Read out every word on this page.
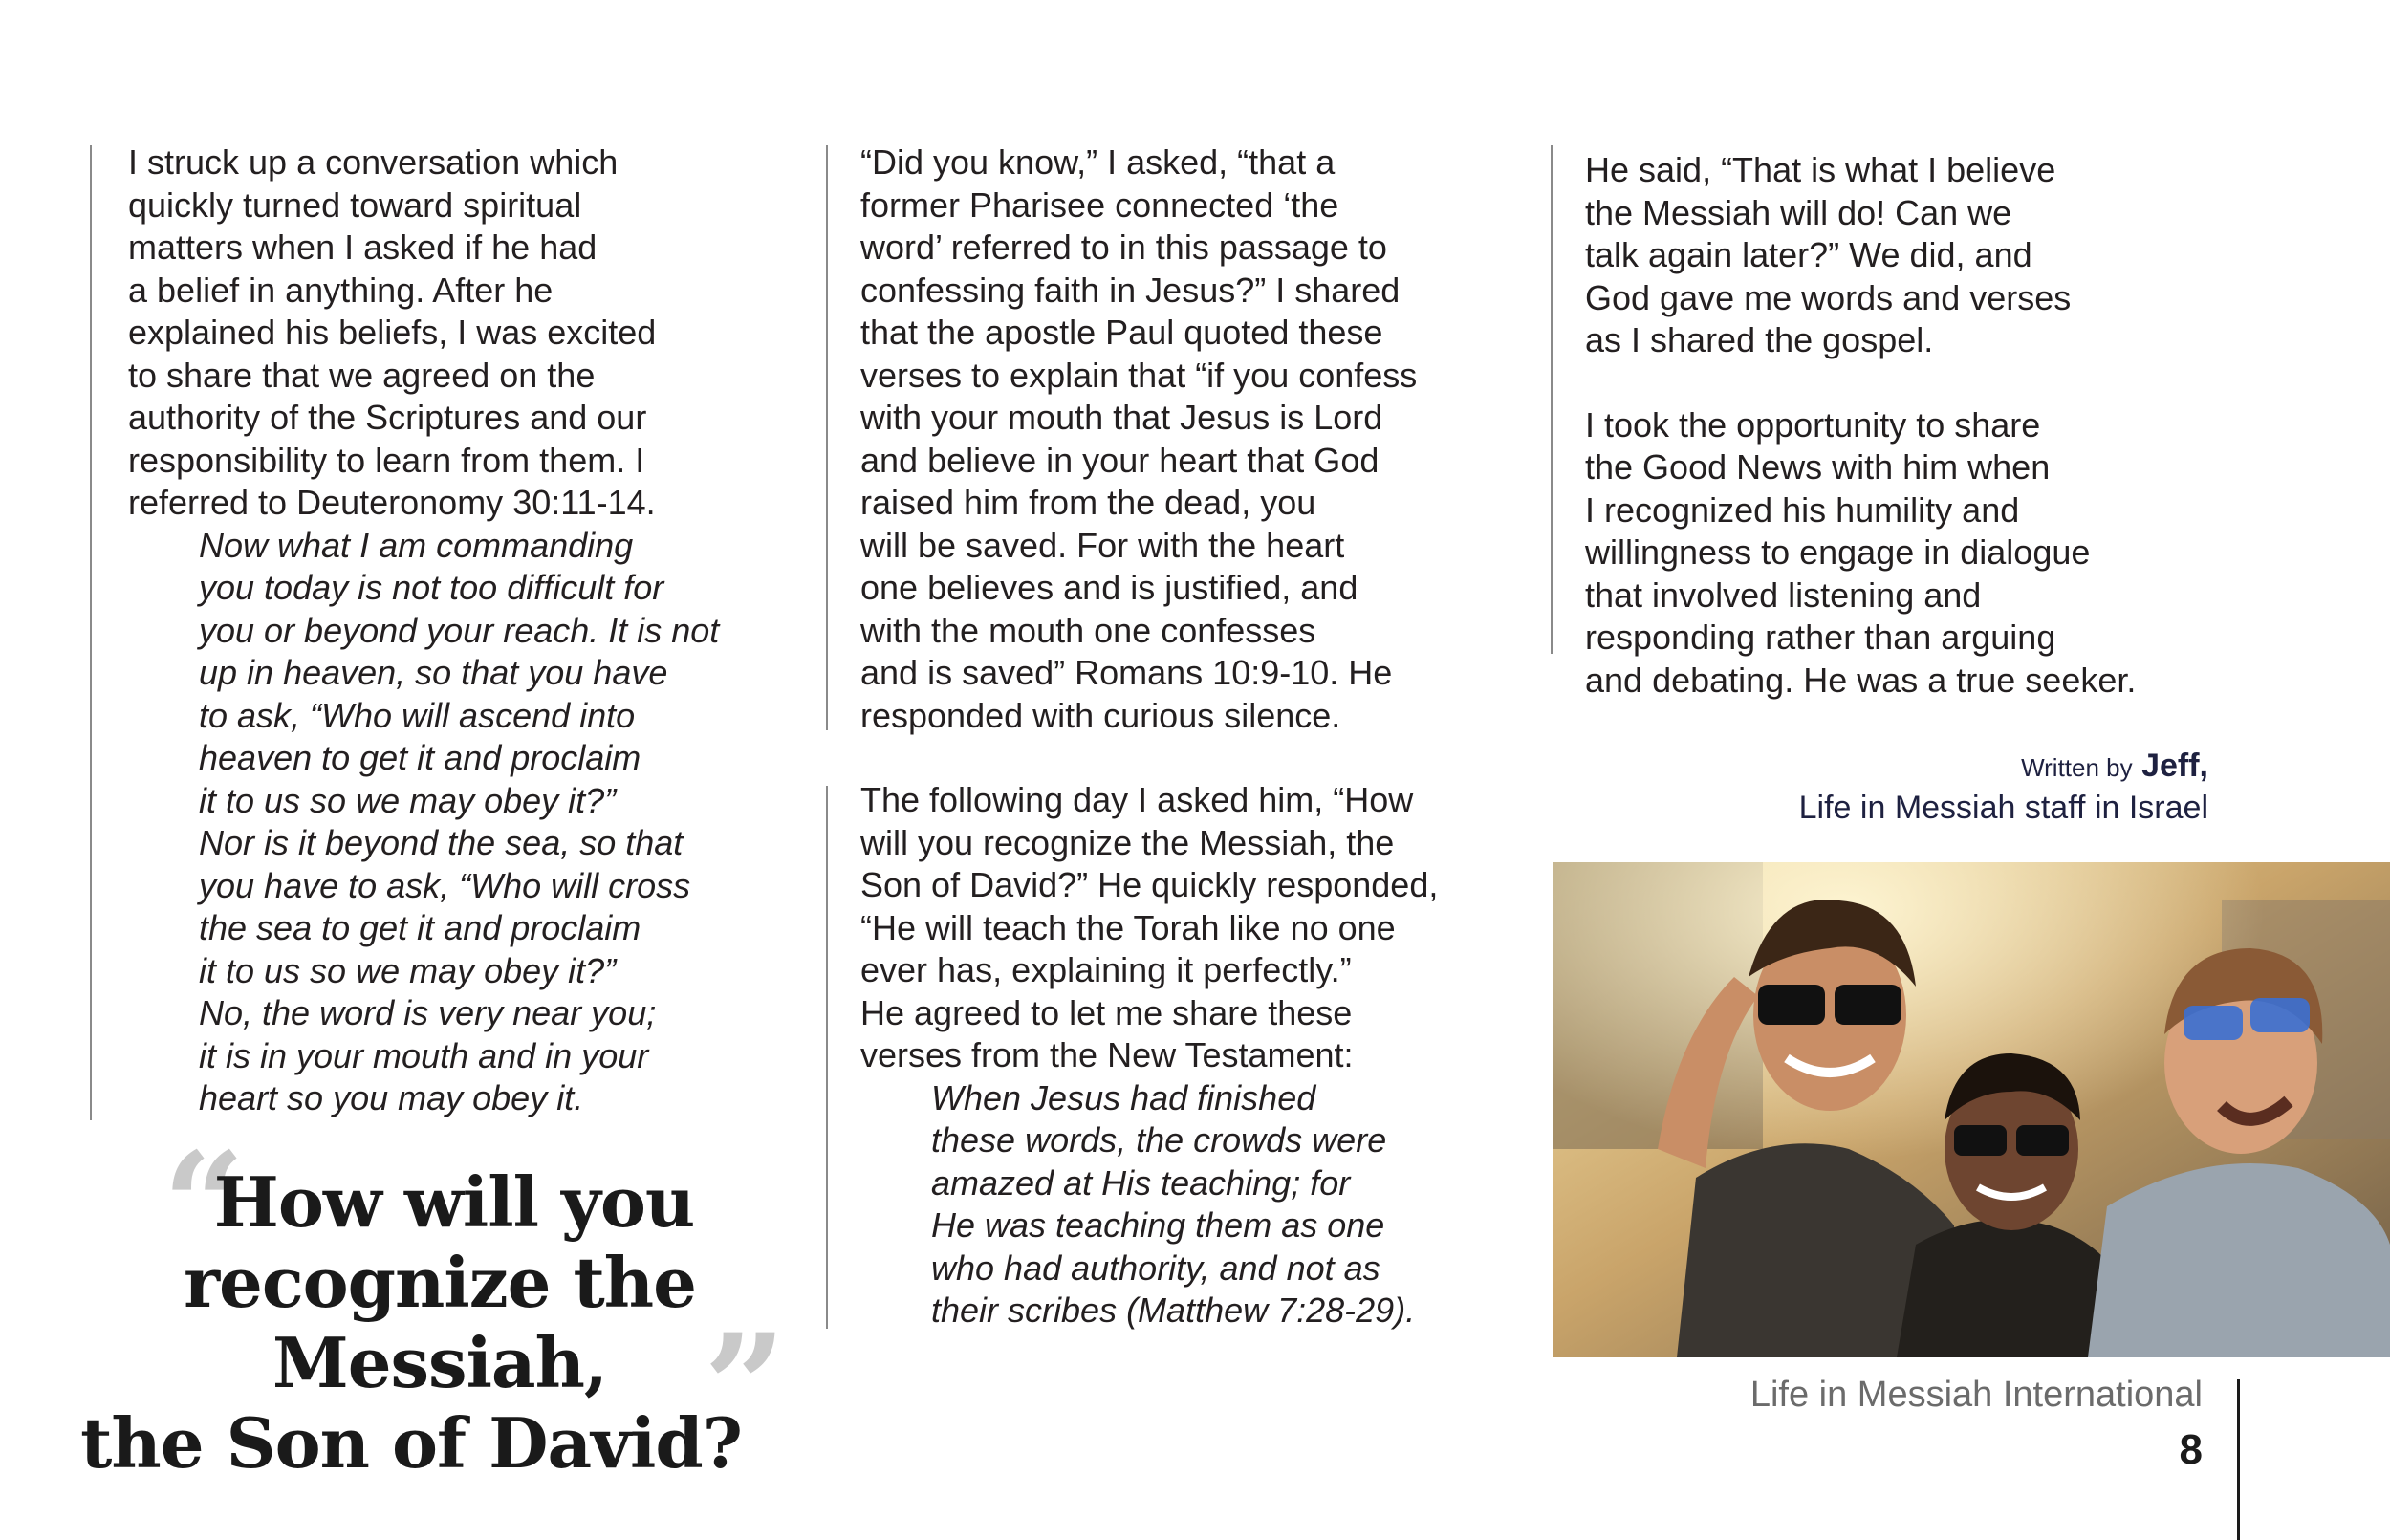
I struck up a conversation which
quickly turned toward spiritual
matters when I asked if he had
a belief in anything. After he
explained his beliefs, I was excited
to share that we agreed on the
authority of the Scriptures and our
responsibility to learn from them. I
referred to Deuteronomy 30:11-14.

Now what I am commanding
you today is not too difficult for
you or beyond your reach. It is not
up in heaven, so that you have
to ask, “Who will ascend into
heaven to get it and proclaim
it to us so we may obey it?”
Nor is it beyond the sea, so that
you have to ask, “Who will cross
the sea to get it and proclaim
it to us so we may obey it?”
No, the word is very near you;
it is in your mouth and in your
heart so you may obey it.

“
How will you
recognize the Messiah,
the Son of David?
”

“Did you know,” I asked, “that a
former Pharisee connected ‘the
word’ referred to in this passage to
confessing faith in Jesus?” I shared
that the apostle Paul quoted these
verses to explain that “if you confess
with your mouth that Jesus is Lord
and believe in your heart that God
raised him from the dead, you
will be saved. For with the heart
one believes and is justified, and
with the mouth one confesses
and is saved” Romans 10:9-10. He
responded with curious silence.

The following day I asked him, “How
will you recognize the Messiah, the
Son of David?” He quickly responded,
“He will teach the Torah like no one
ever has, explaining it perfectly.”
He agreed to let me share these
verses from the New Testament:

When Jesus had finished
these words, the crowds were
amazed at His teaching; for
He was teaching them as one
who had authority, and not as
their scribes (Matthew 7:28-29).

He said, “That is what I believe
the Messiah will do! Can we
talk again later?” We did, and
God gave me words and verses
as I shared the gospel.

I took the opportunity to share
the Good News with him when
I recognized his humility and
willingness to engage in dialogue
that involved listening and
responding rather than arguing
and debating. He was a true seeker.

Written by Jeff,
Life in Messiah staff in Israel
Life in Messiah International
8
